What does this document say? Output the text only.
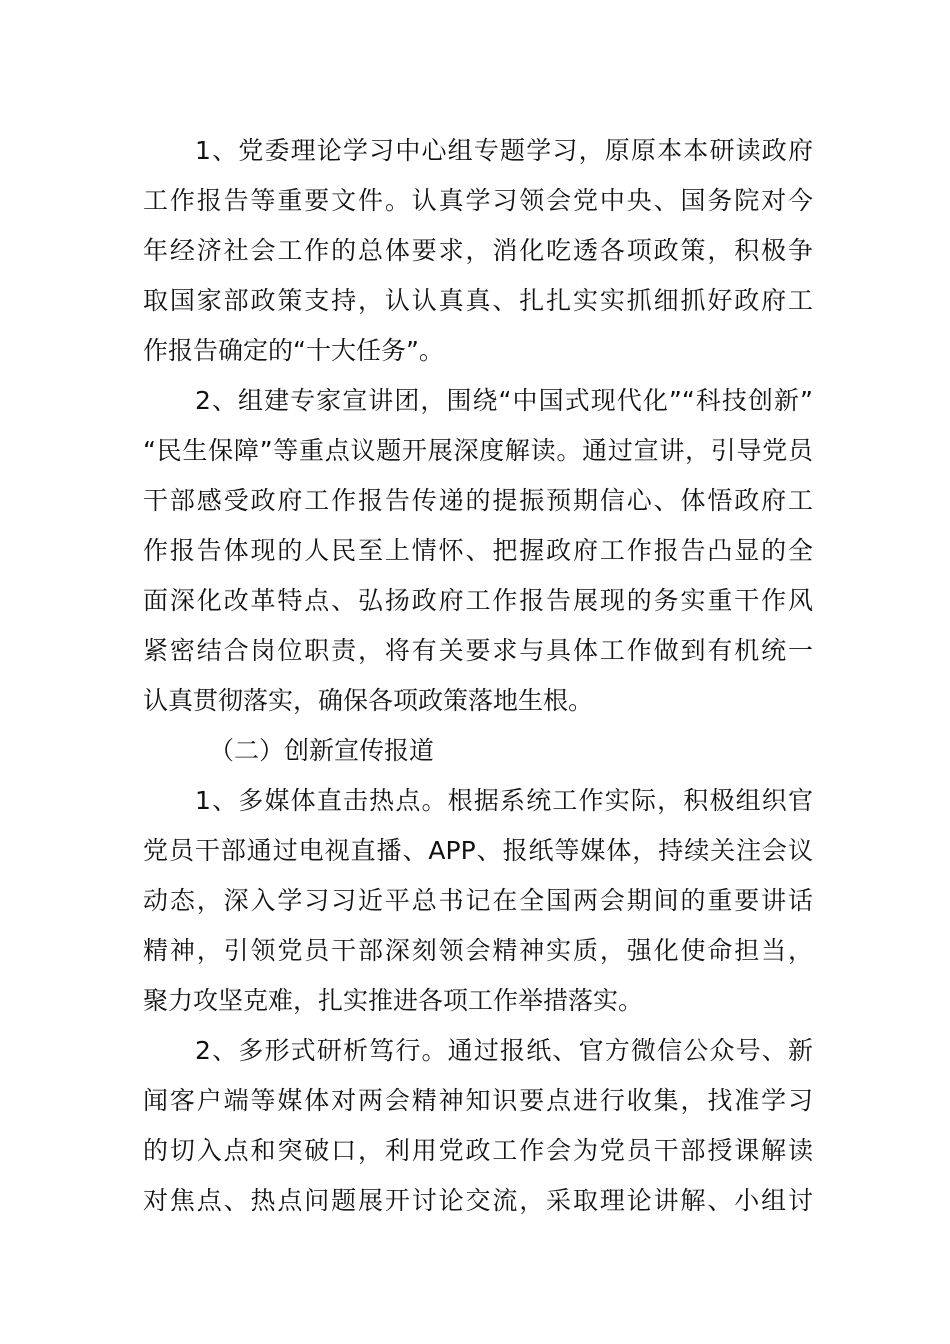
1、党委理论学习中心组专题学习，原原本本研读政府
工作报告等重要文件。认真学习领会党中央、国务院对今
年经济社会工作的总体要求，消化吃透各项政策，积极争
取国家部政策支持，认认真真、扎扎实实抓细抓好政府工
作报告确定的“十大任务”。
2、组建专家宣讲团，围绕“中国式现代化”“科技创新”
“民生保障”等重点议题开展深度解读。通过宣讲，引导党员
干部感受政府工作报告传递的提振预期信心、体悟政府工
作报告体现的人民至上情怀、把握政府工作报告凸显的全
面深化改革特点、弘扬政府工作报告展现的务实重干作风
紧密结合岗位职责，将有关要求与具体工作做到有机统一
认真贯彻落实，确保各项政策落地生根。
（二）创新宣传报道
1、多媒体直击热点。根据系统工作实际，积极组织官
党员干部通过电视直播、APP、报纸等媒体，持续关注会议
动态，深入学习习近平总书记在全国两会期间的重要讲话
精神，引领党员干部深刻领会精神实质，强化使命担当，
聚力攻坚克难，扎实推进各项工作举措落实。
2、多形式研析笃行。通过报纸、官方微信公众号、新
闻客户端等媒体对两会精神知识要点进行收集，找准学习
的切入点和突破口，利用党政工作会为党员干部授课解读
对焦点、热点问题展开讨论交流，采取理论讲解、小组讨
